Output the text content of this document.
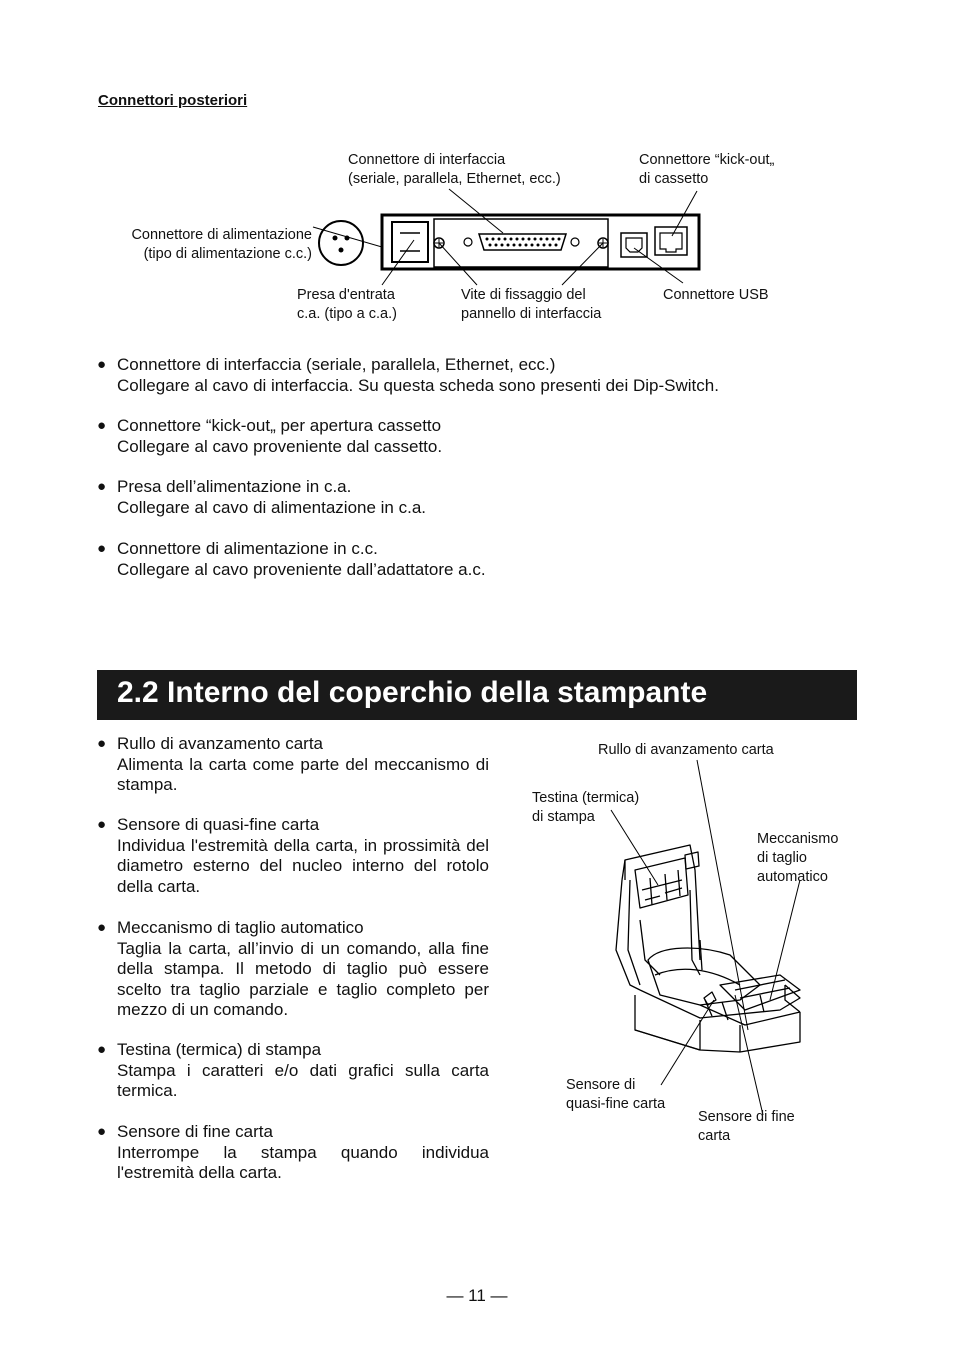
Connettori posteriori
Connettore di interfaccia
(seriale, parallela, Ethernet, ecc.)
Connettore “kick-out„
di cassetto
Connettore di alimentazione
(tipo di alimentazione c.c.)
Presa d'entrata
c.a. (tipo a c.a.)
Vite di fissaggio del
pannello di interfaccia
Connettore USB
● Connettore di interfaccia (seriale, parallela, Ethernet, ecc.)
Collegare al cavo di interfaccia. Su questa scheda sono presenti dei Dip-Switch.
● Connettore “kick-out„ per apertura cassetto
Collegare al cavo proveniente dal cassetto.
● Presa dell’alimentazione in c.a.
Collegare al cavo di alimentazione in c.a.
● Connettore di alimentazione in c.c.
Collegare al cavo proveniente dall’adattatore a.c.
2.2 Interno del coperchio della stampante
● Rullo di avanzamento carta
Alimenta la carta come parte del meccanismo di stampa.
● Sensore di quasi-fine carta
Individua l'estremità della carta, in prossimità del diametro esterno del nucleo interno del rotolo della carta.
● Meccanismo di taglio automatico
Taglia la carta, all’invio di un comando, alla fine della stampa. Il metodo di taglio può essere scelto tra taglio parziale e taglio completo per mezzo di un comando.
● Testina (termica) di stampa
Stampa i caratteri e/o dati grafici sulla carta termica.
● Sensore di fine carta
Interrompe la stampa quando individua l'estremità della carta.
Rullo di avanzamento carta
Testina (termica)
di stampa
Meccanismo
di taglio
automatico
Sensore di
quasi-fine carta
Sensore di fine
carta
— 11 —
